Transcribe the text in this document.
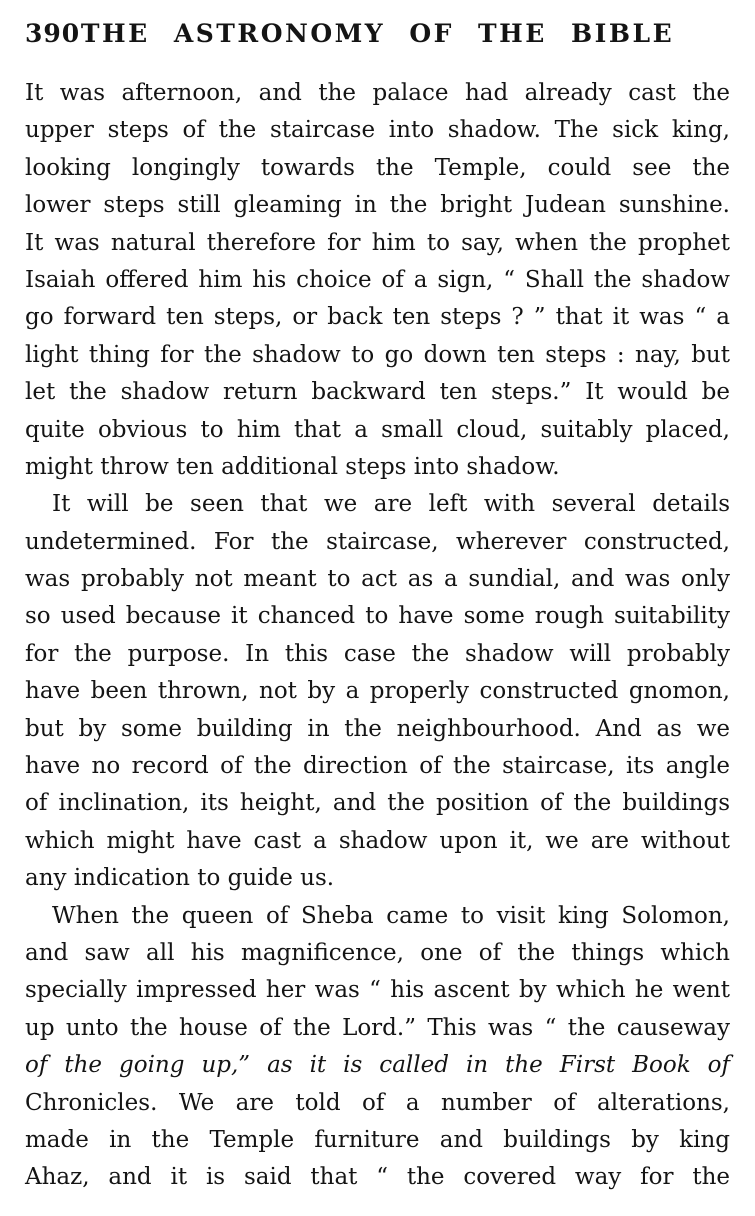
390 THE ASTRONOMY OF THE BIBLE
It was afternoon, and the palace had already cast the
upper steps of the staircase into shadow. The sick king,
looking longingly towards the Temple, could see the
lower steps still gleaming in the bright Judean sunshine.
It was natural therefore for him to say, when the prophet
Isaiah offered him his choice of a sign, “ Shall the shadow
go forward ten steps, or back ten steps ? ” that it was “ a
light thing for the shadow to go down ten steps : nay, but
let the shadow return backward ten steps.” It would be
quite obvious to him that a small cloud, suitably placed,
might throw ten additional steps into shadow.
It will be seen that we are left with several details
undetermined. For the staircase, wherever constructed,
was probably not meant to act as a sundial, and was only
so used because it chanced to have some rough suitability
for the purpose. In this case the shadow will probably
have been thrown, not by a properly constructed gnomon,
but by some building in the neighbourhood. And as we
have no record of the direction of the staircase, its angle
of inclination, its height, and the position of the buildings
which might have cast a shadow upon it, we are without
any indication to guide us.
When the queen of Sheba came to visit king Solomon,
and saw all his magnificence, one of the things which
specially impressed her was “ his ascent by which he went
up unto the house of the Lord.” This was “ the causeway
of the going up,” as it is called in the First Book of
Chronicles. We are told of a number of alterations,
made in the Temple furniture and buildings by king
Ahaz, and it is said that “ the covered way for the
